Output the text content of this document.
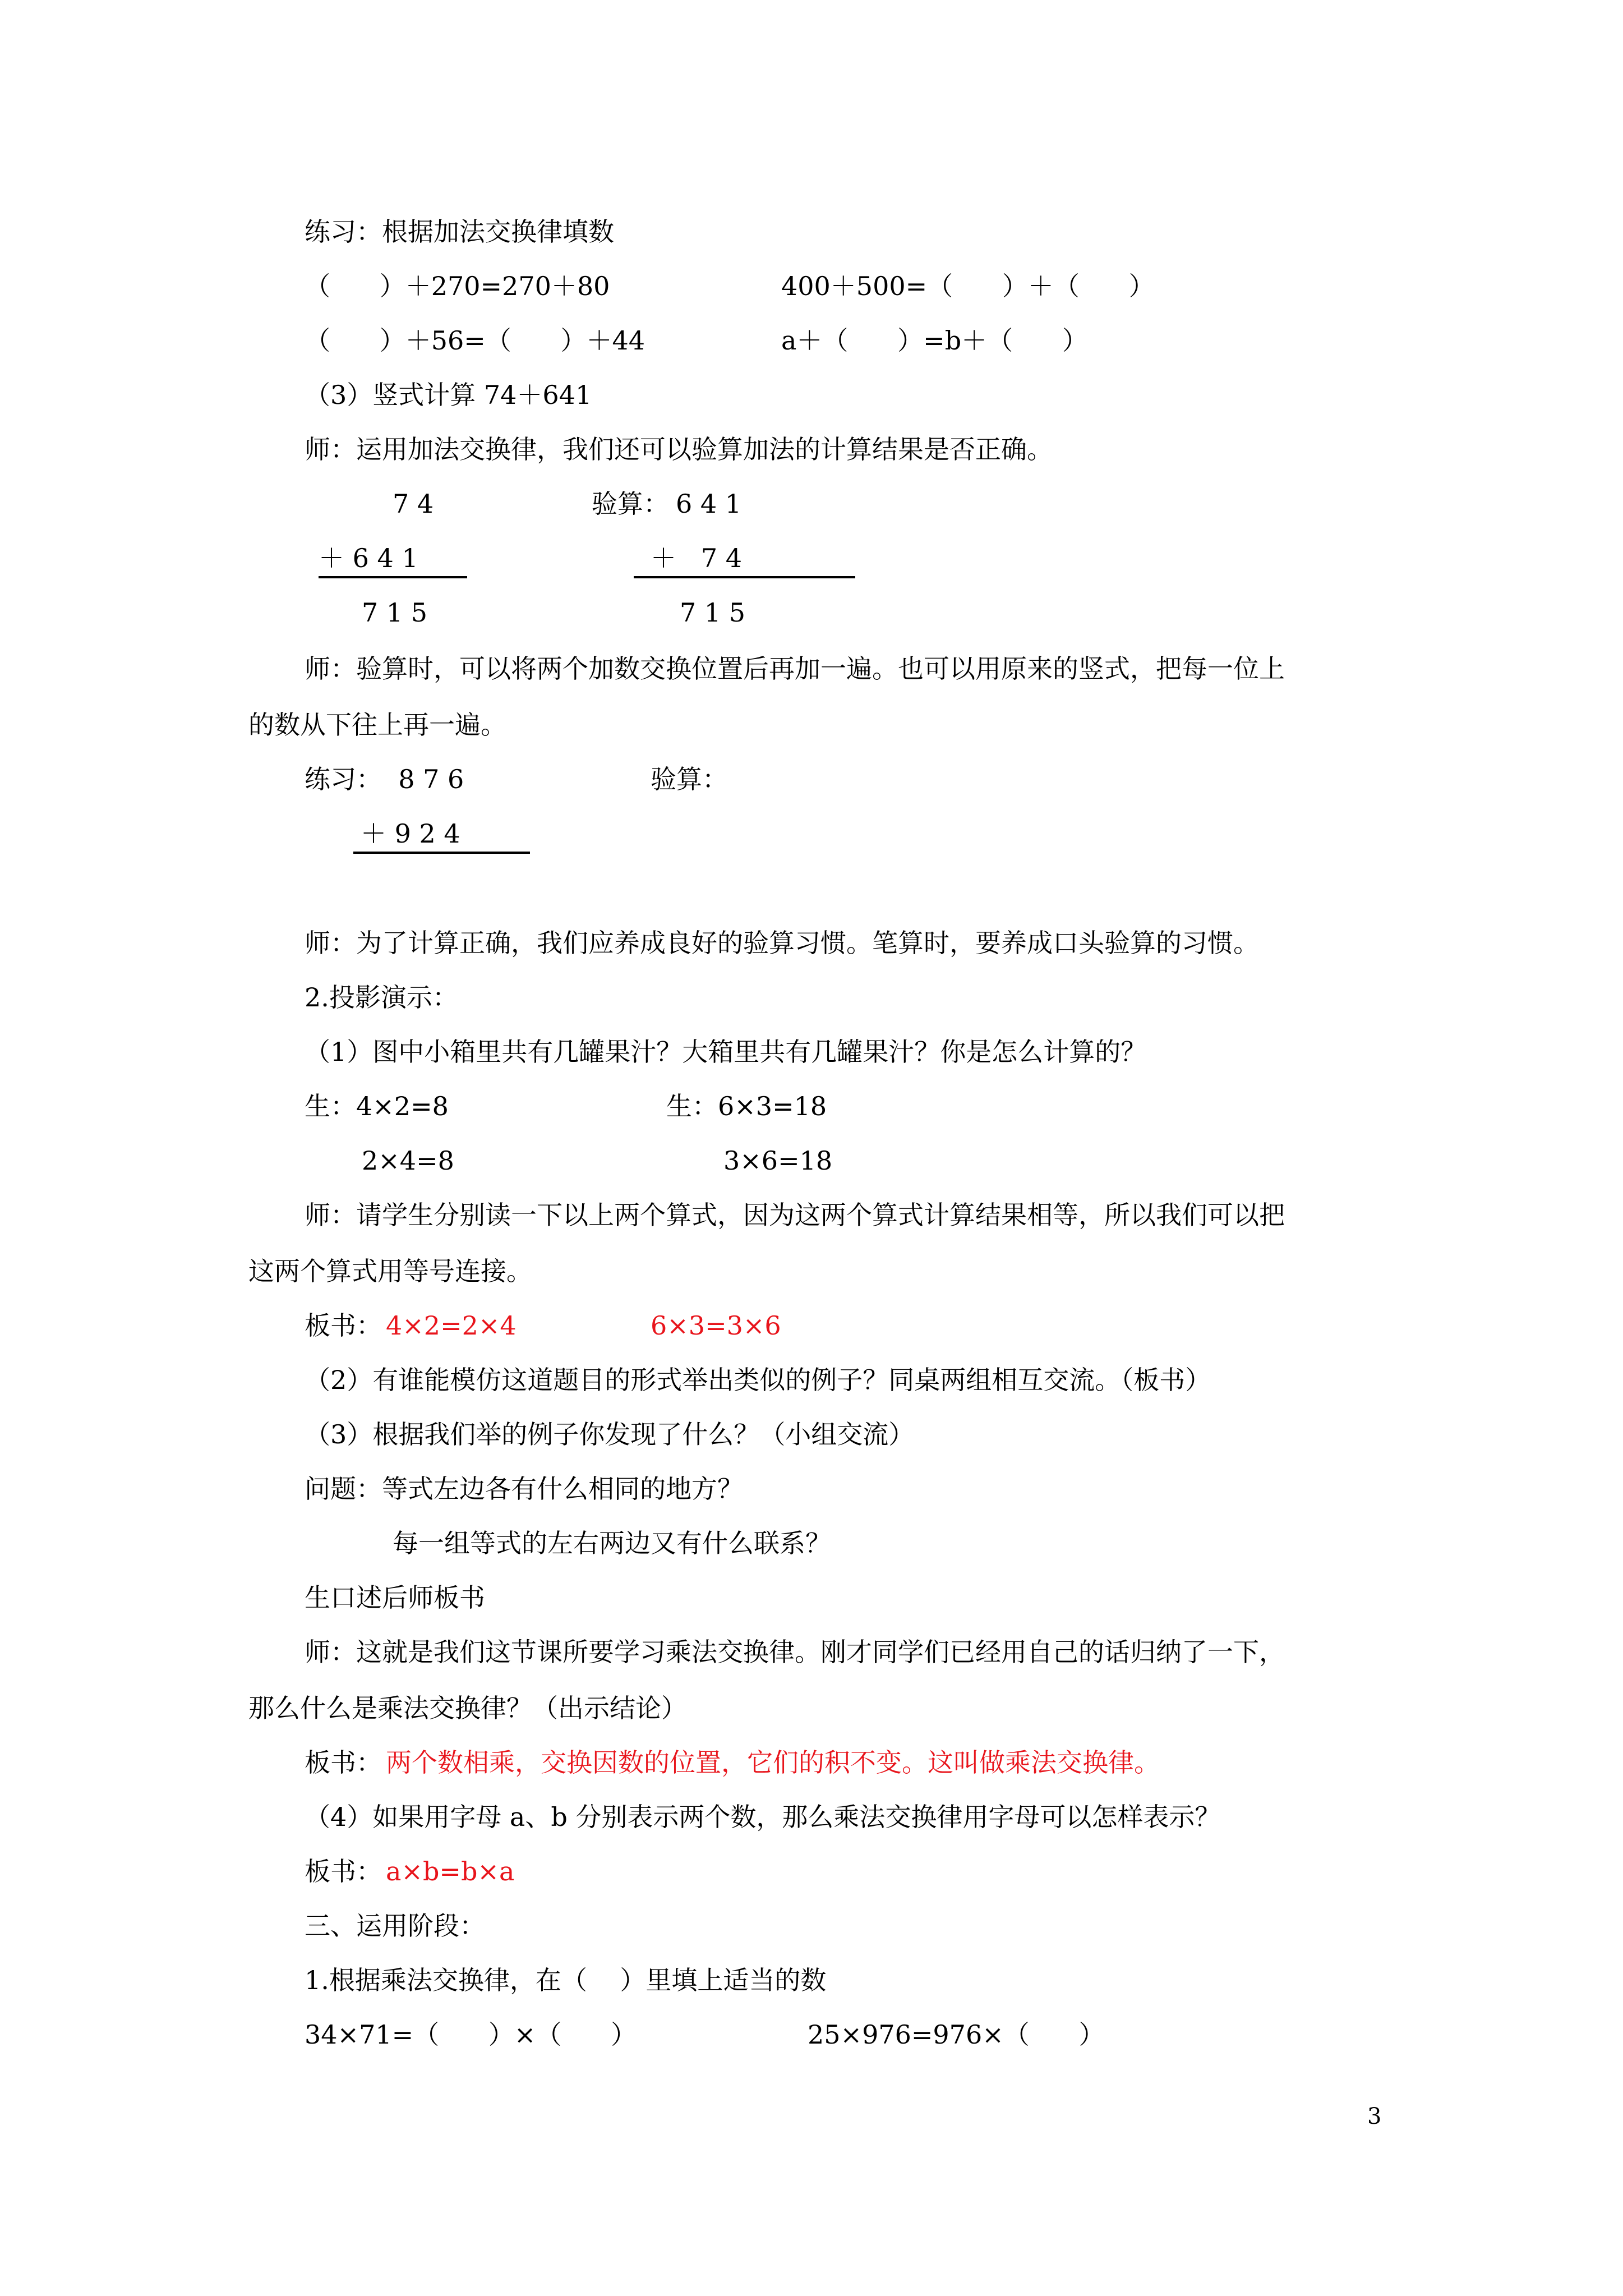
练习：根据加法交换律填数
（      ）＋270=270＋80	400＋500=（      ）＋（      ）
（      ）＋56=（      ）＋44	a＋（      ）=b＋（      ）
（3）竖式计算 74＋641
师：运用加法交换律，我们还可以验算加法的计算结果是否正确。
7 4	验算： 6 4 1
＋ 6 4 1	＋   7 4
7 1 5	7 1 5
师：验算时，可以将两个加数交换位置后再加一遍。也可以用原来的竖式，把每一位上
的数从下往上再一遍。
练习：  8 7 6	验算：
＋ 9 2 4
师：为了计算正确，我们应养成良好的验算习惯。笔算时，要养成口头验算的习惯。
2.投影演示：
（1）图中小箱里共有几罐果汁？大箱里共有几罐果汁？你是怎么计算的？
生：4×2=8	生：6×3=18
2×4=8	3×6=18
师：请学生分别读一下以上两个算式，因为这两个算式计算结果相等，所以我们可以把
这两个算式用等号连接。
板书： 4×2=2×4	6×3=3×6
（2）有谁能模仿这道题目的形式举出类似的例子？同桌两组相互交流。（板书）
（3）根据我们举的例子你发现了什么？（小组交流）
问题：等式左边各有什么相同的地方？
每一组等式的左右两边又有什么联系？
生口述后师板书
师：这就是我们这节课所要学习乘法交换律。刚才同学们已经用自己的话归纳了一下，
那么什么是乘法交换律？（出示结论）
板书： 两个数相乘，交换因数的位置，它们的积不变。这叫做乘法交换律。
（4）如果用字母 a、b 分别表示两个数，那么乘法交换律用字母可以怎样表示？
板书： a×b=b×a
三、运用阶段：
1.根据乘法交换律，在（    ）里填上适当的数
34×71=（      ）×（      ）	25×976=976×（      ）
3
